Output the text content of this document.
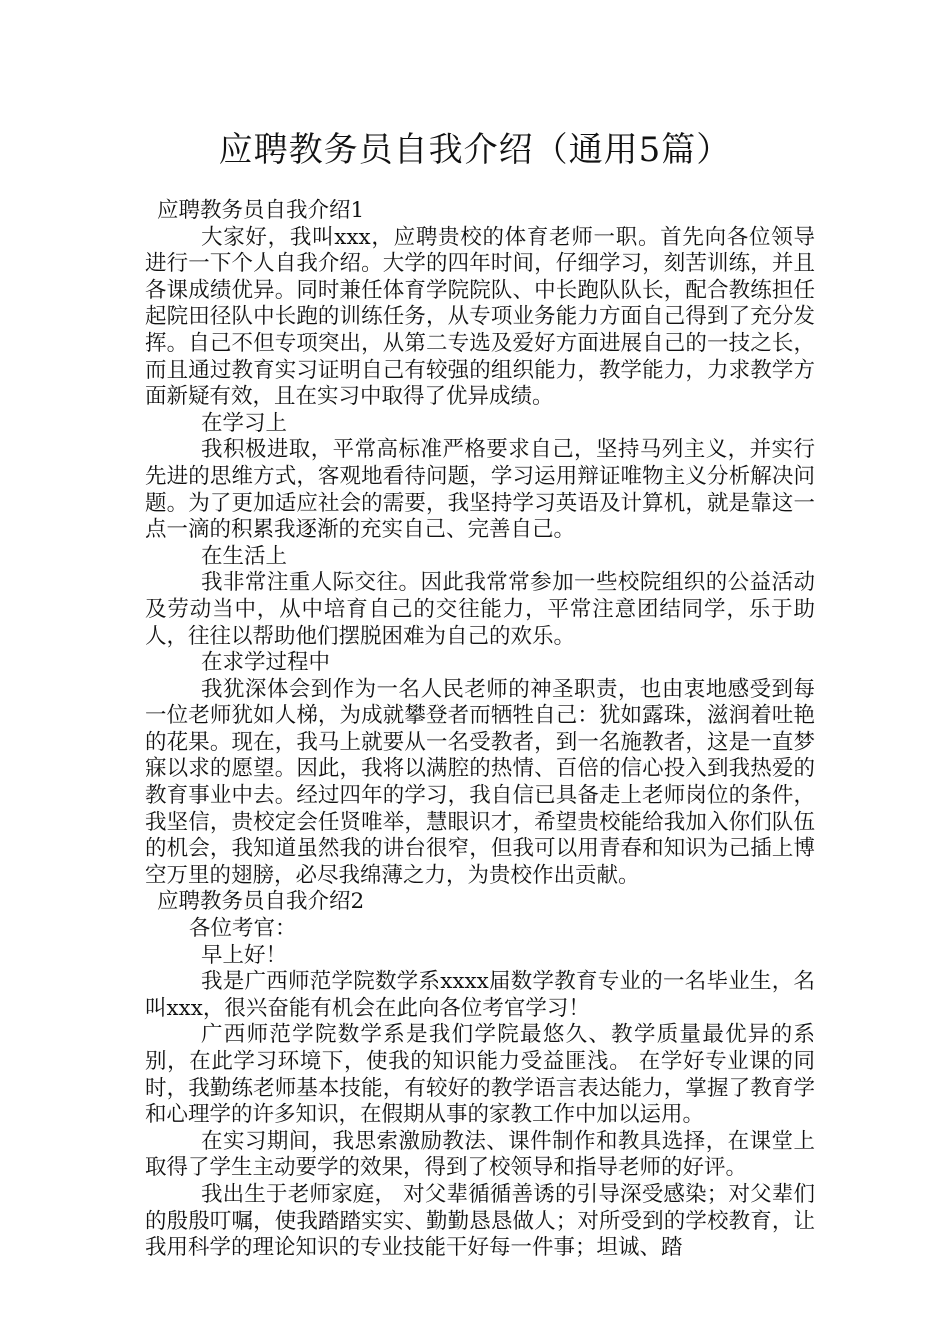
应聘教务员自我介绍（通用5篇）

应聘教务员自我介绍1

大家好，我叫xxx，应聘贵校的体育老师一职。首先向各位领导进行一下个人自我介绍。大学的四年时间，仔细学习，刻苦训练，并且各课成绩优异。同时兼任体育学院院队、中长跑队队长，配合教练担任起院田径队中长跑的训练任务，从专项业务能力方面自己得到了充分发挥。自己不但专项突出，从第二专选及爱好方面进展自己的一技之长，而且通过教育实习证明自己有较强的组织能力，教学能力，力求教学方面新疑有效，且在实习中取得了优异成绩。

在学习上

我积极进取，平常高标准严格要求自己，坚持马列主义，并实行先进的思维方式，客观地看待问题，学习运用辩证唯物主义分析解决问题。为了更加适应社会的需要，我坚持学习英语及计算机，就是靠这一点一滴的积累我逐渐的充实自己、完善自己。

在生活上

我非常注重人际交往。因此我常常参加一些校院组织的公益活动及劳动当中，从中培育自己的交往能力，平常注意团结同学，乐于助人，往往以帮助他们摆脱困难为自己的欢乐。

在求学过程中

我犹深体会到作为一名人民老师的神圣职责，也由衷地感受到每一位老师犹如人梯，为成就攀登者而牺牲自己：犹如露珠，滋润着吐艳的花果。现在，我马上就要从一名受教者，到一名施教者，这是一直梦寐以求的愿望。因此，我将以满腔的热情、百倍的信心投入到我热爱的教育事业中去。经过四年的学习，我自信已具备走上老师岗位的条件，我坚信，贵校定会任贤唯举，慧眼识才，希望贵校能给我加入你们队伍的机会，我知道虽然我的讲台很窄，但我可以用青春和知识为己插上博空万里的翅膀，必尽我绵薄之力，为贵校作出贡献。

应聘教务员自我介绍2

各位考官：

早上好！

我是广西师范学院数学系xxxx届数学教育专业的一名毕业生，名叫xxx，很兴奋能有机会在此向各位考官学习！

广西师范学院数学系是我们学院最悠久、教学质量最优异的系别，在此学习环境下，使我的知识能力受益匪浅。 在学好专业课的同时，我勤练老师基本技能，有较好的教学语言表达能力，掌握了教育学和心理学的许多知识，在假期从事的家教工作中加以运用。

在实习期间，我思索激励教法、课件制作和教具选择，在课堂上取得了学生主动要学的效果，得到了校领导和指导老师的好评。

我出生于老师家庭， 对父辈循循善诱的引导深受感染；对父辈们的殷殷叮嘱，使我踏踏实实、勤勤恳恳做人；对所受到的学校教育，让我用科学的理论知识的专业技能干好每一件事；坦诚、踏
